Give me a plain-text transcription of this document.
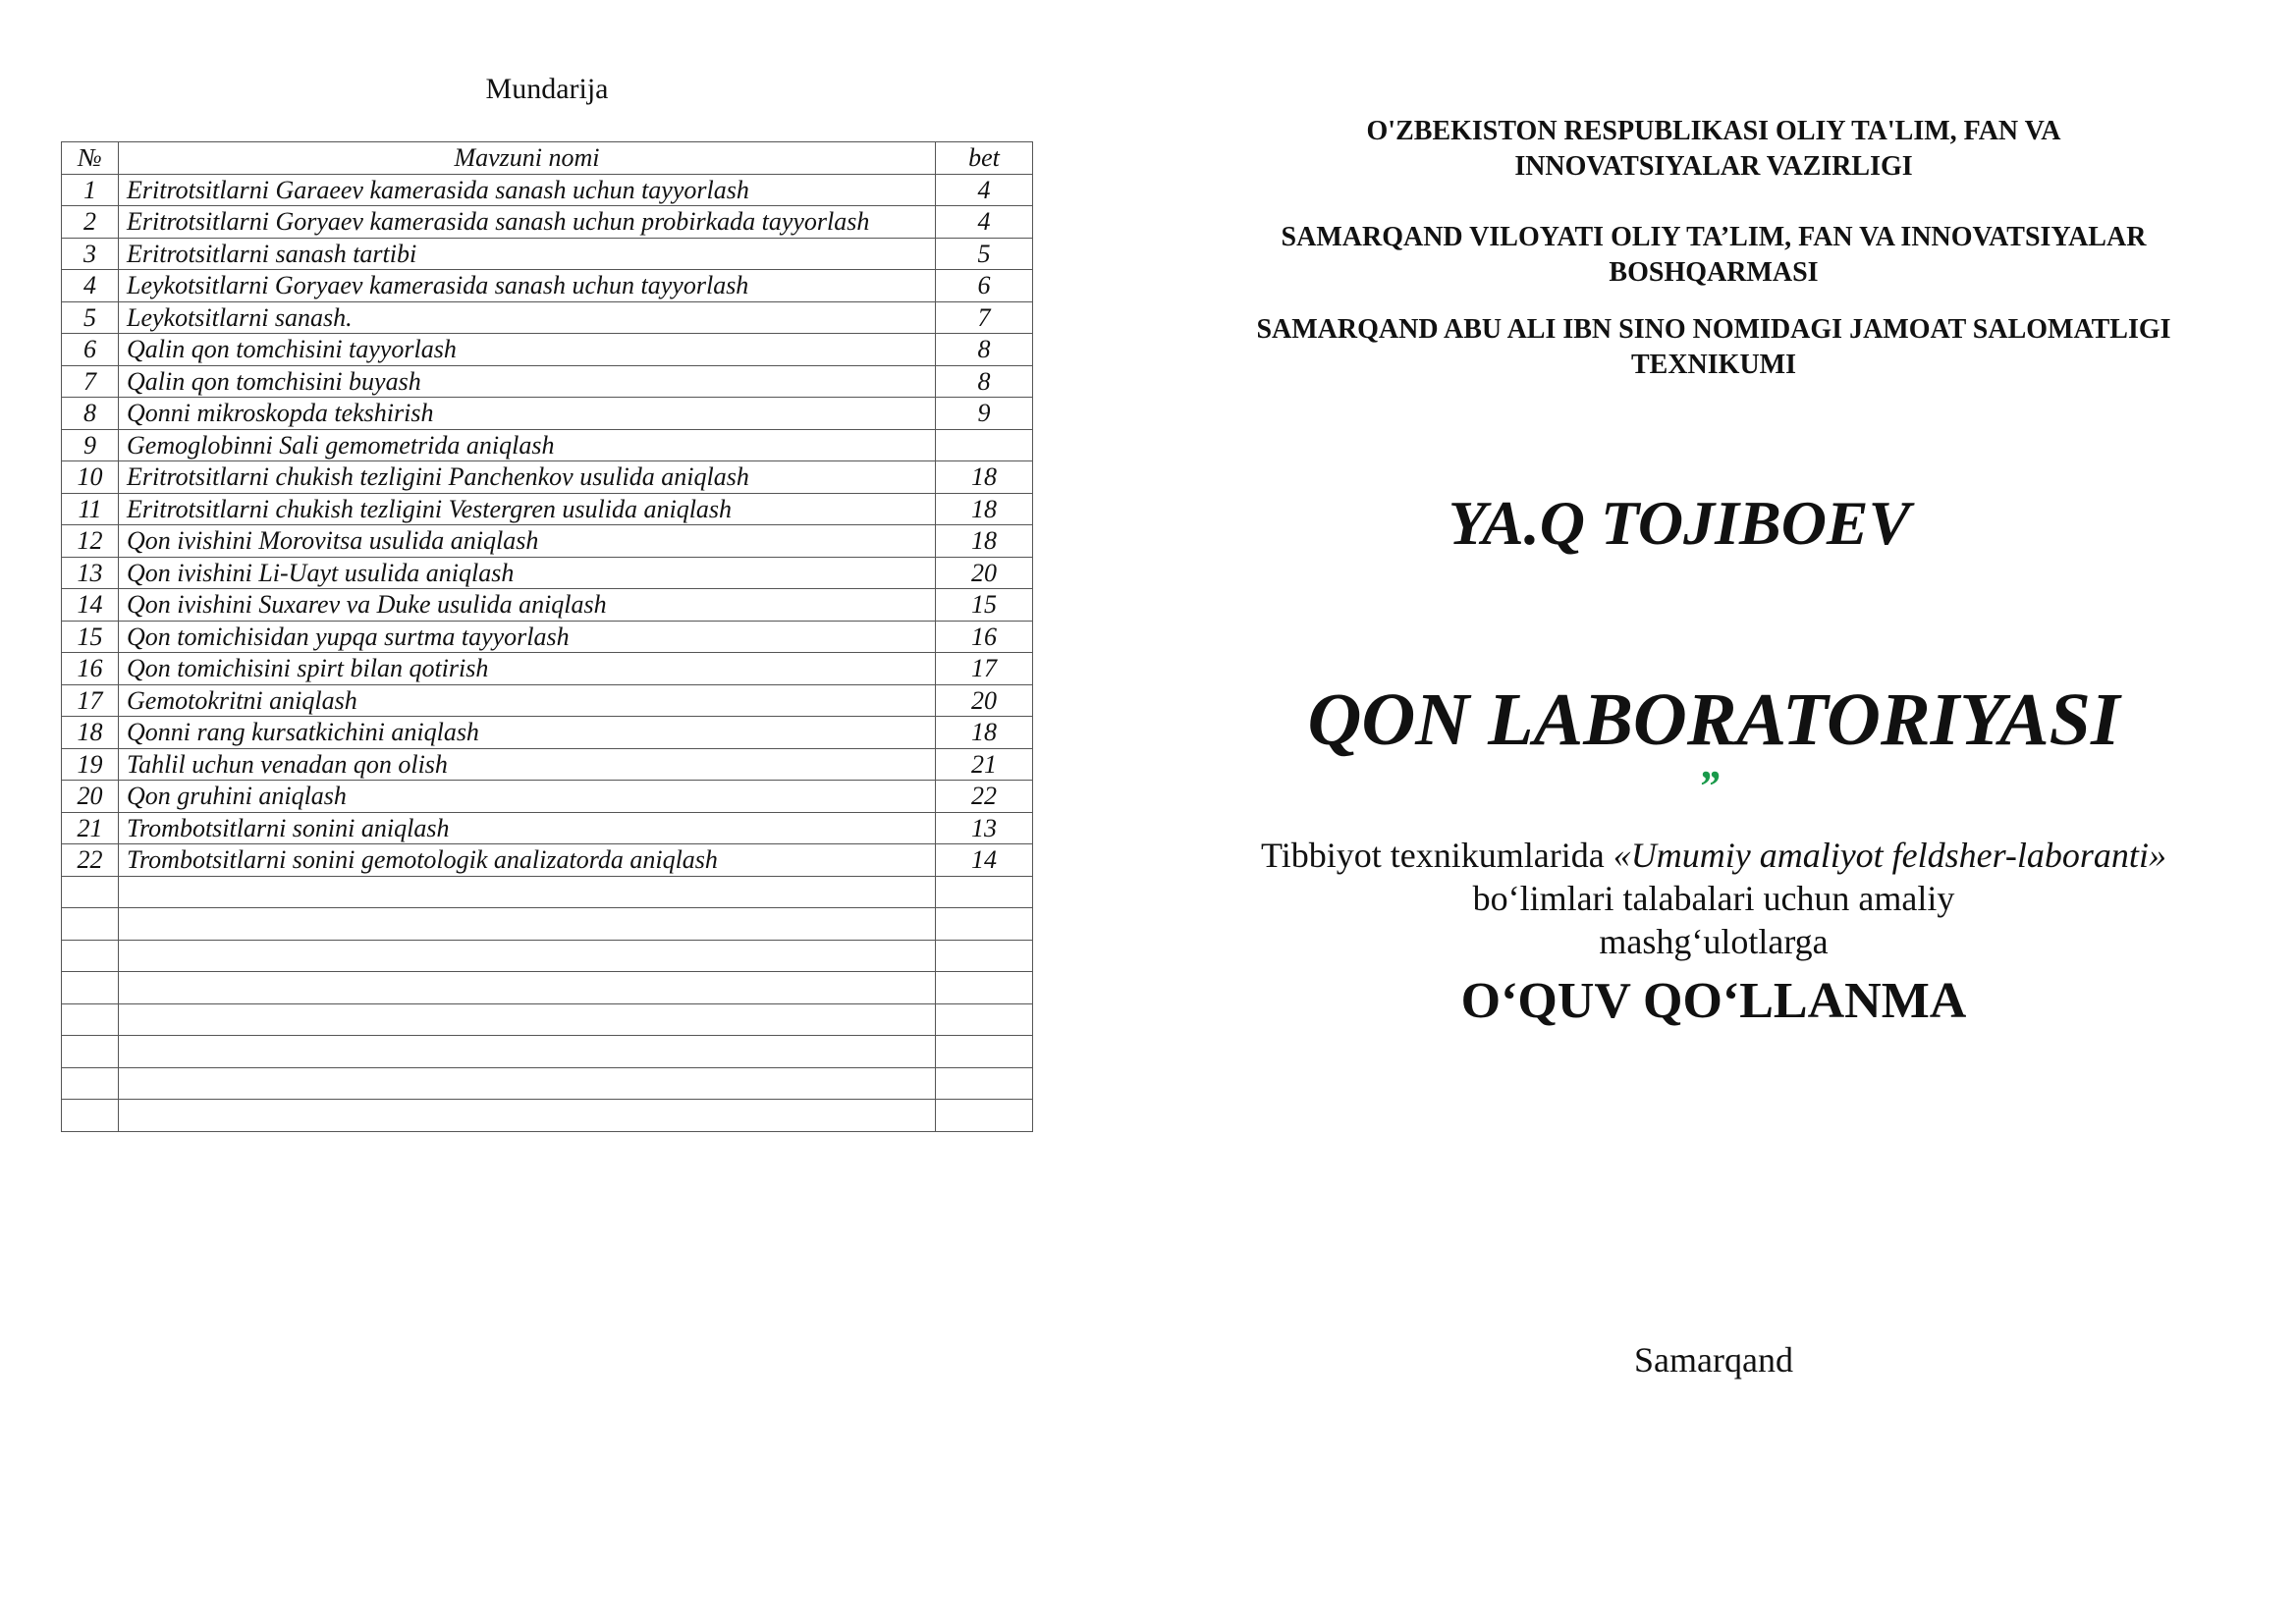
Mundarija
№	Mavzuni nomi	bet
1	Eritrotsitlarni Garaeev kamerasida sanash uchun tayyorlash	4
2	Eritrotsitlarni Goryaev kamerasida sanash uchun probirkada tayyorlash	4
3	Eritrotsitlarni sanash tartibi	5
4	Leykotsitlarni Goryaev kamerasida sanash uchun tayyorlash	6
5	Leykotsitlarni sanash.	7
6	Qalin qon tomchisini tayyorlash	8
7	Qalin qon tomchisini buyash	8
8	Qonni mikroskopda tekshirish	9
9	Gemoglobinni Sali gemometrida aniqlash	
10	Eritrotsitlarni chukish tezligini Panchenkov usulida aniqlash	18
11	Eritrotsitlarni chukish tezligini Vestergren usulida aniqlash	18
12	Qon ivishini Morovitsa usulida aniqlash	18
13	Qon ivishini Li-Uayt usulida aniqlash	20
14	Qon ivishini Suxarev va Duke usulida aniqlash	15
15	Qon tomichisidan yupqa surtma tayyorlash	16
16	Qon tomichisini spirt bilan qotirish	17
17	Gemotokritni aniqlash	20
18	Qonni rang kursatkichini aniqlash	18
19	Tahlil uchun venadan qon olish	21
20	Qon gruhini aniqlash	22
21	Trombotsitlarni sonini aniqlash	13
22	Trombotsitlarni sonini gemotologik analizatorda aniqlash	14

O'ZBEKISTON RESPUBLIKASI OLIY TA'LIM, FAN VA
INNOVATSIYALAR VAZIRLIGI
SAMARQAND VILOYATI OLIY TA’LIM, FAN VA INNOVATSIYALAR
BOSHQARMASI
SAMARQAND ABU ALI IBN SINO NOMIDAGI JAMOAT SALOMATLIGI
TEXNIKUMI
YA.Q TOJIBOEV
QON LABORATORIYASI
”
Tibbiyot texnikumlarida «Umumiy amaliyot feldsher-laboranti»
bo‘limlari talabalari uchun amaliy
mashg‘ulotlarga
O‘QUV QO‘LLANMA
Samarqand
